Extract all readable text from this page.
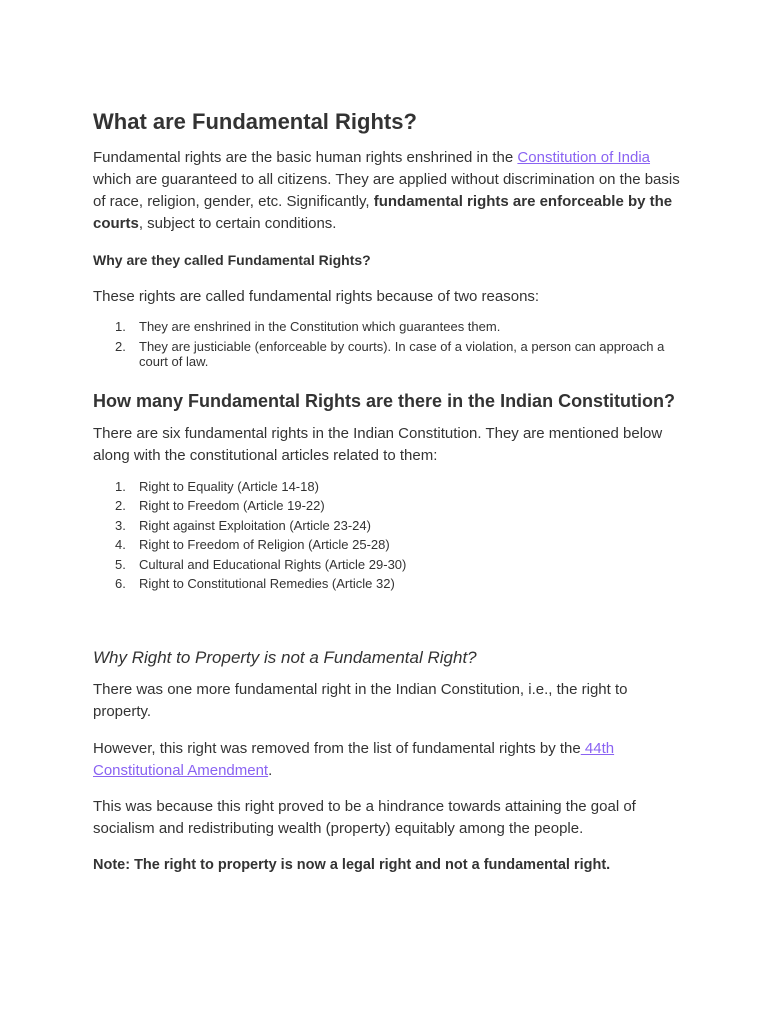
What are Fundamental Rights?

Fundamental rights are the basic human rights enshrined in the Constitution of India which are guaranteed to all citizens. They are applied without discrimination on the basis of race, religion, gender, etc. Significantly, fundamental rights are enforceable by the courts, subject to certain conditions.

Why are they called Fundamental Rights?

These rights are called fundamental rights because of two reasons:

1. They are enshrined in the Constitution which guarantees them.
2. They are justiciable (enforceable by courts). In case of a violation, a person can approach a court of law.
How many Fundamental Rights are there in the Indian Constitution?

There are six fundamental rights in the Indian Constitution. They are mentioned below along with the constitutional articles related to them:

1. Right to Equality (Article 14-18)
2. Right to Freedom (Article 19-22)
3. Right against Exploitation (Article 23-24)
4. Right to Freedom of Religion (Article 25-28)
5. Cultural and Educational Rights (Article 29-30)
6. Right to Constitutional Remedies (Article 32)

Why Right to Property is not a Fundamental Right?

There was one more fundamental right in the Indian Constitution, i.e., the right to property.

However, this right was removed from the list of fundamental rights by the 44th Constitutional Amendment.

This was because this right proved to be a hindrance towards attaining the goal of socialism and redistributing wealth (property) equitably among the people.

Note: The right to property is now a legal right and not a fundamental right.
